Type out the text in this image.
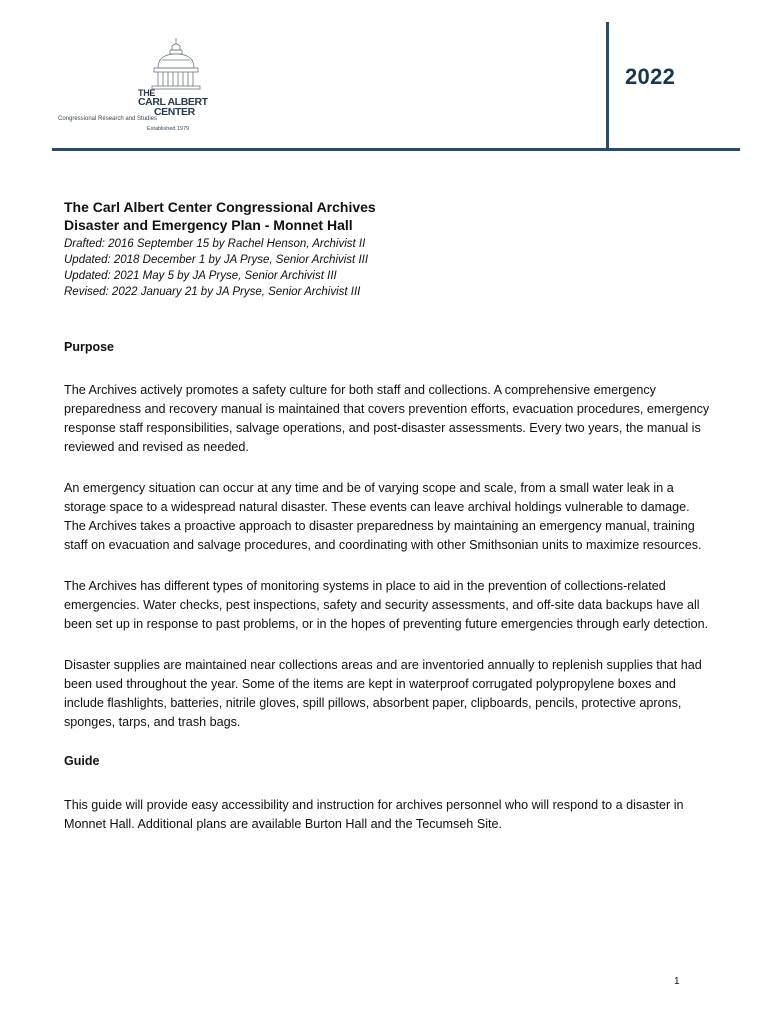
THE
CARL ALBERT
CENTER
Congressional Research and Studies
Established 1979
2022
The Carl Albert Center Congressional Archives
Disaster and Emergency Plan - Monnet Hall
Drafted: 2016 September 15 by Rachel Henson, Archivist II
Updated: 2018 December 1 by JA Pryse, Senior Archivist III
Updated: 2021 May 5 by JA Pryse, Senior Archivist III
Revised: 2022 January 21 by JA Pryse, Senior Archivist III
Purpose

The Archives actively promotes a safety culture for both staff and collections. A comprehensive emergency preparedness and recovery manual is maintained that covers prevention efforts, evacuation procedures, emergency response staff responsibilities, salvage operations, and post-disaster assessments. Every two years, the manual is reviewed and revised as needed.

An emergency situation can occur at any time and be of varying scope and scale, from a small water leak in a storage space to a widespread natural disaster. These events can leave archival holdings vulnerable to damage. The Archives takes a proactive approach to disaster preparedness by maintaining an emergency manual, training staff on evacuation and salvage procedures, and coordinating with other Smithsonian units to maximize resources.

The Archives has different types of monitoring systems in place to aid in the prevention of collections-related emergencies. Water checks, pest inspections, safety and security assessments, and off-site data backups have all been set up in response to past problems, or in the hopes of preventing future emergencies through early detection.

Disaster supplies are maintained near collections areas and are inventoried annually to replenish supplies that had been used throughout the year. Some of the items are kept in waterproof corrugated polypropylene boxes and include flashlights, batteries, nitrile gloves, spill pillows, absorbent paper, clipboards, pencils, protective aprons, sponges, tarps, and trash bags.

Guide

This guide will provide easy accessibility and instruction for archives personnel who will respond to a disaster in Monnet Hall. Additional plans are available Burton Hall and the Tecumseh Site.

1
